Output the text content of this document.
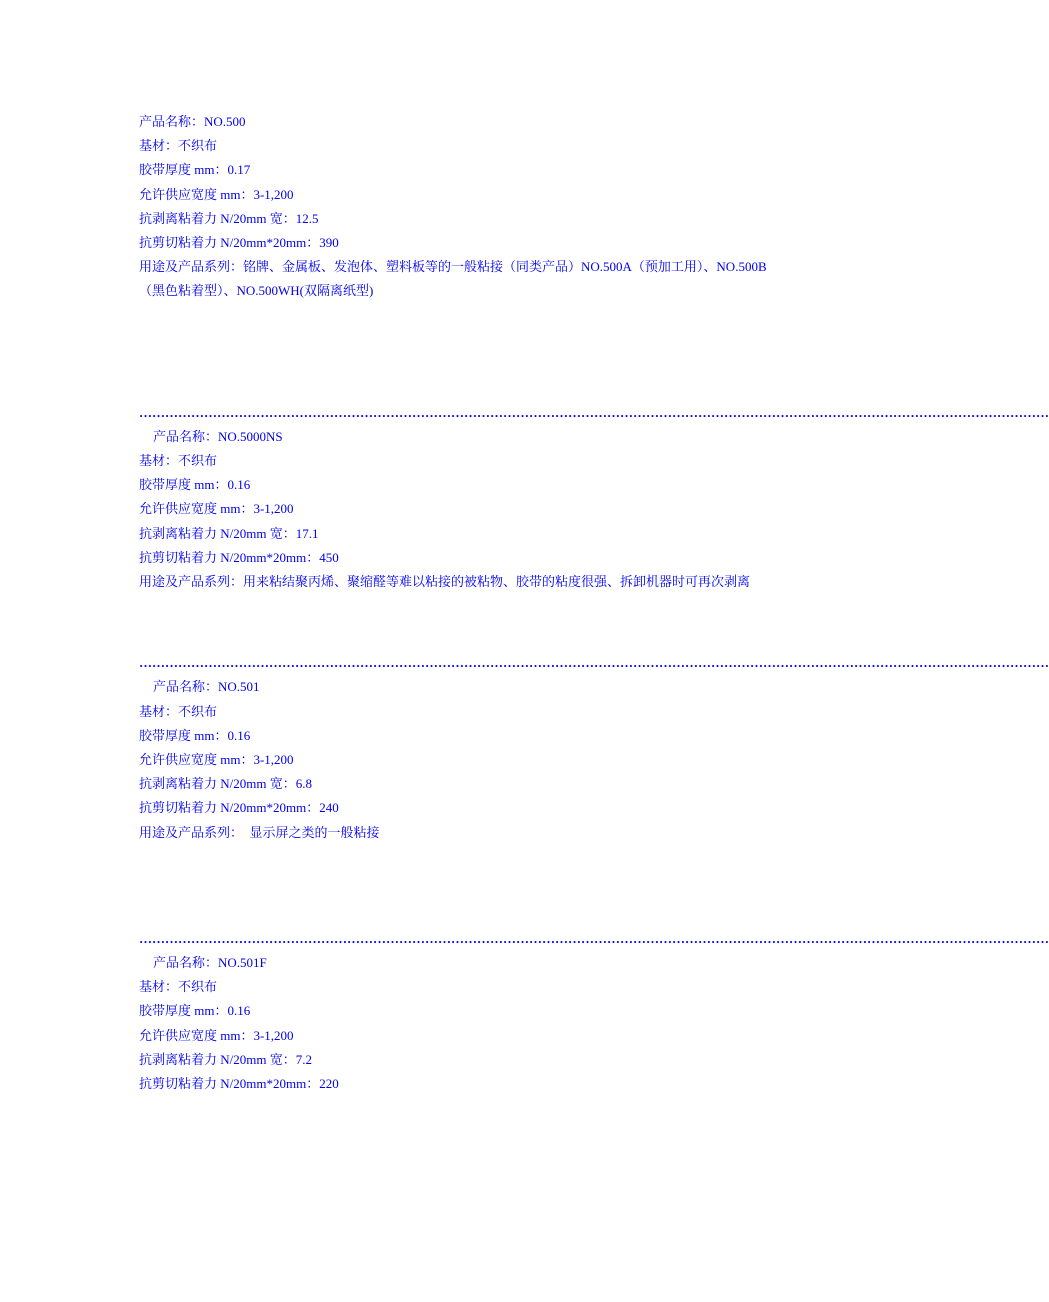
产品名称：NO.500
基材：不织布
胶带厚度 mm：0.17
允许供应宽度 mm：3-1,200
抗剥离粘着力 N/20mm 宽：12.5
抗剪切粘着力 N/20mm*20mm：390
用途及产品系列：铭牌、金属板、发泡体、塑料板等的一般粘接（同类产品）NO.500A（预加工用）、NO.500B（黑色粘着型）、NO.500WH(双隔离纸型)
…………………………………………………………………………………………………………………………………………………………………………………………
产品名称：NO.5000NS
基材：不织布
胶带厚度 mm：0.16
允许供应宽度 mm：3-1,200
抗剥离粘着力 N/20mm 宽：17.1
抗剪切粘着力 N/20mm*20mm：450
用途及产品系列：用来粘结聚丙烯、聚缩醛等难以粘接的被粘物、胶带的粘度很强、拆卸机器时可再次剥离
…………………………………………………………………………………………………………………………………………………………………………………………
产品名称：NO.501
基材：不织布
胶带厚度 mm：0.16
允许供应宽度 mm：3-1,200
抗剥离粘着力 N/20mm 宽：6.8
抗剪切粘着力 N/20mm*20mm：240
用途及产品系列：　显示屏之类的一般粘接
…………………………………………………………………………………………………………………………………………………………………………………………
产品名称：NO.501F
基材：不织布
胶带厚度 mm：0.16
允许供应宽度 mm：3-1,200
抗剥离粘着力 N/20mm 宽：7.2
抗剪切粘着力 N/20mm*20mm：220
